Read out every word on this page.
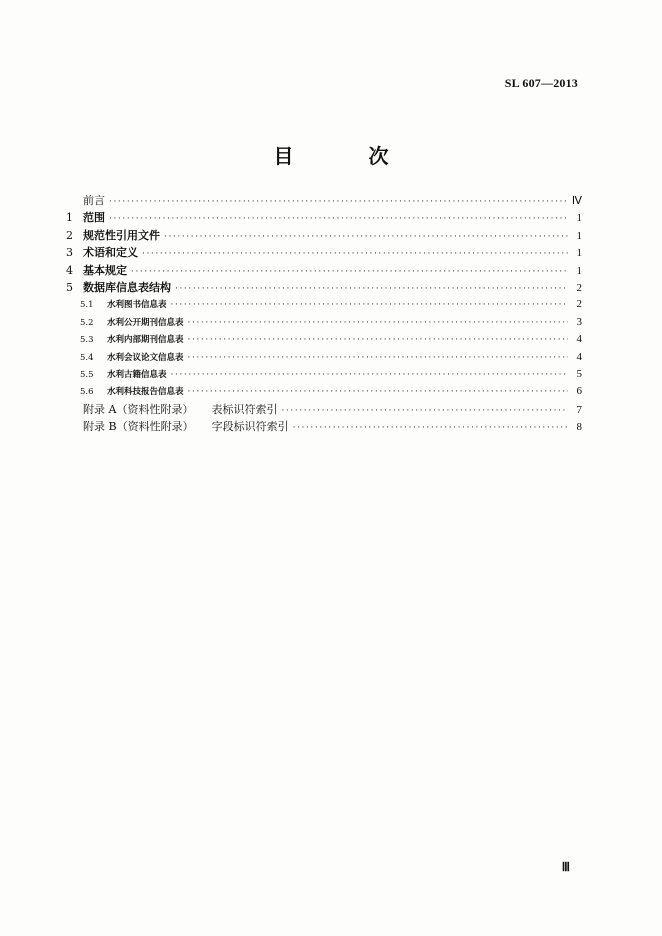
SL 607—2013
目 次
前言 ·····	Ⅳ
1 范围 ·····	1
2 规范性引用文件 ·····	1
3 术语和定义 ·····	1
4 基本规定 ·····	1
5 数据库信息表结构 ·····	2
5.1	水利图书信息表 ·····	2
5.2	水利公开期刊信息表 ·····	3
5.3	水利内部期刊信息表 ·····	4
5.4	水利会议论文信息表 ·····	4
5.5	水利古籍信息表 ·····	5
5.6	水利科技报告信息表 ·····	6
附录 A（资料性附录） 表标识符索引 ·····	7
附录 B（资料性附录） 字段标识符索引 ·····	8
Ⅲ
